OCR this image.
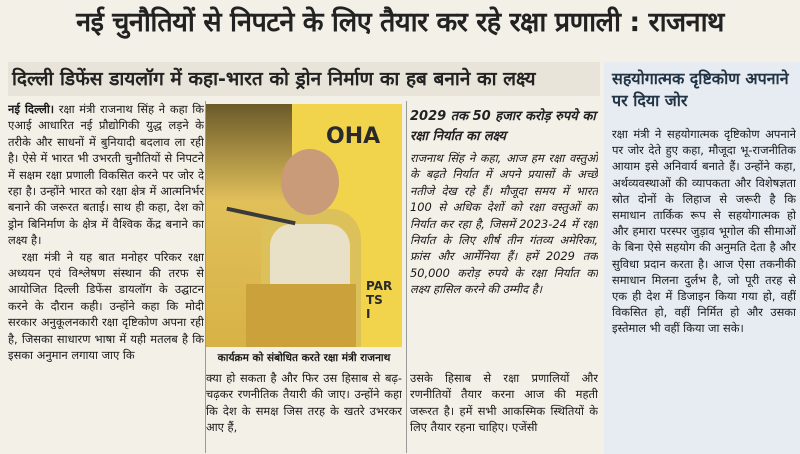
नई चुनौतियों से निपटने के लिए तैयार कर रहे रक्षा प्रणाली : राजनाथ
दिल्ली डिफेंस डायलॉग में कहा-भारत को ड्रोन निर्माण का हब बनाने का लक्ष्य

नई दिल्ली। रक्षा मंत्री राजनाथ सिंह ने कहा कि एआई आधारित नई प्रौद्योगिकी युद्ध लड़ने के तरीके और साधनों में बुनियादी बदलाव ला रही है। ऐसे में भारत भी उभरती चुनौतियों से निपटने में सक्षम रक्षा प्रणाली विकसित करने पर जोर दे रहा है। उन्होंने भारत को रक्षा क्षेत्र में आत्मनिर्भर बनाने की जरूरत बताई। साथ ही कहा, देश को ड्रोन बिनिर्माण के क्षेत्र में वैश्विक केंद्र बनाने का लक्ष्य है।

रक्षा मंत्री ने यह बात मनोहर परिकर रक्षा अध्ययन एवं विश्लेषण संस्थान की तरफ से आयोजित दिल्ली डिफेंस डायलॉग के उद्घाटन करने के दौरान कही। उन्होंने कहा कि मोदी सरकार अनुकूलनकारी रक्षा दृष्टिकोण अपना रही है, जिसका साधारण भाषा में यही मतलब है कि इसका अनुमान लगाया जाए कि

OHA
PAR
TS
I
कार्यक्रम को संबोधित करते रक्षा मंत्री राजनाथ
क्या हो सकता है और फिर उस हिसाब से बढ़-चढ़कर रणनीतिक तैयारी की जाए। उन्होंने कहा कि देश के समक्ष जिस तरह के खतरे उभरकर आए हैं,
2029 तक 50 हजार करोड़ रुपये का रक्षा निर्यात का लक्ष्य
राजनाथ सिंह ने कहा, आज हम रक्षा वस्तुओं के बढ़ते निर्यात में अपने प्रयासों के अच्छे नतीजे देख रहे हैं। मौजूदा समय में भारत 100 से अधिक देशों को रक्षा वस्तुओं का निर्यात कर रहा है, जिसमें 2023-24 में रक्षा निर्यात के लिए शीर्ष तीन गंतव्य अमेरिका, फ्रांस और आर्मेनिया हैं। हमें 2029 तक 50,000 करोड़ रुपये के रक्षा निर्यात का लक्ष्य हासिल करने की उम्मीद है।
उसके हिसाब से रक्षा प्रणालियों और रणनीतियों तैयार करना आज की महती जरूरत है। हमें सभी आकस्मिक स्थितियों के लिए तैयार रहना चाहिए। एजेंसी
सहयोगात्मक दृष्टिकोण अपनाने पर दिया जोर
रक्षा मंत्री ने सहयोगात्मक दृष्टिकोण अपनाने पर जोर देते हुए कहा, मौजूदा भू-राजनीतिक आयाम इसे अनिवार्य बनाते हैं। उन्होंने कहा, अर्थव्यवस्थाओं की व्यापकता और विशेषज्ञता स्रोत दोनों के लिहाज से जरूरी है कि समाधान तार्किक रूप से सहयोगात्मक हो और हमारा परस्पर जुड़ाव भूगोल की सीमाओं के बिना ऐसे सहयोग की अनुमति देता है और सुविधा प्रदान करता है। आज ऐसा तकनीकी समाधान मिलना दुर्लभ है, जो पूरी तरह से एक ही देश में डिजाइन किया गया हो, वहीं विकसित हो, वहीं निर्मित हो और उसका इस्तेमाल भी वहीं किया जा सके।
